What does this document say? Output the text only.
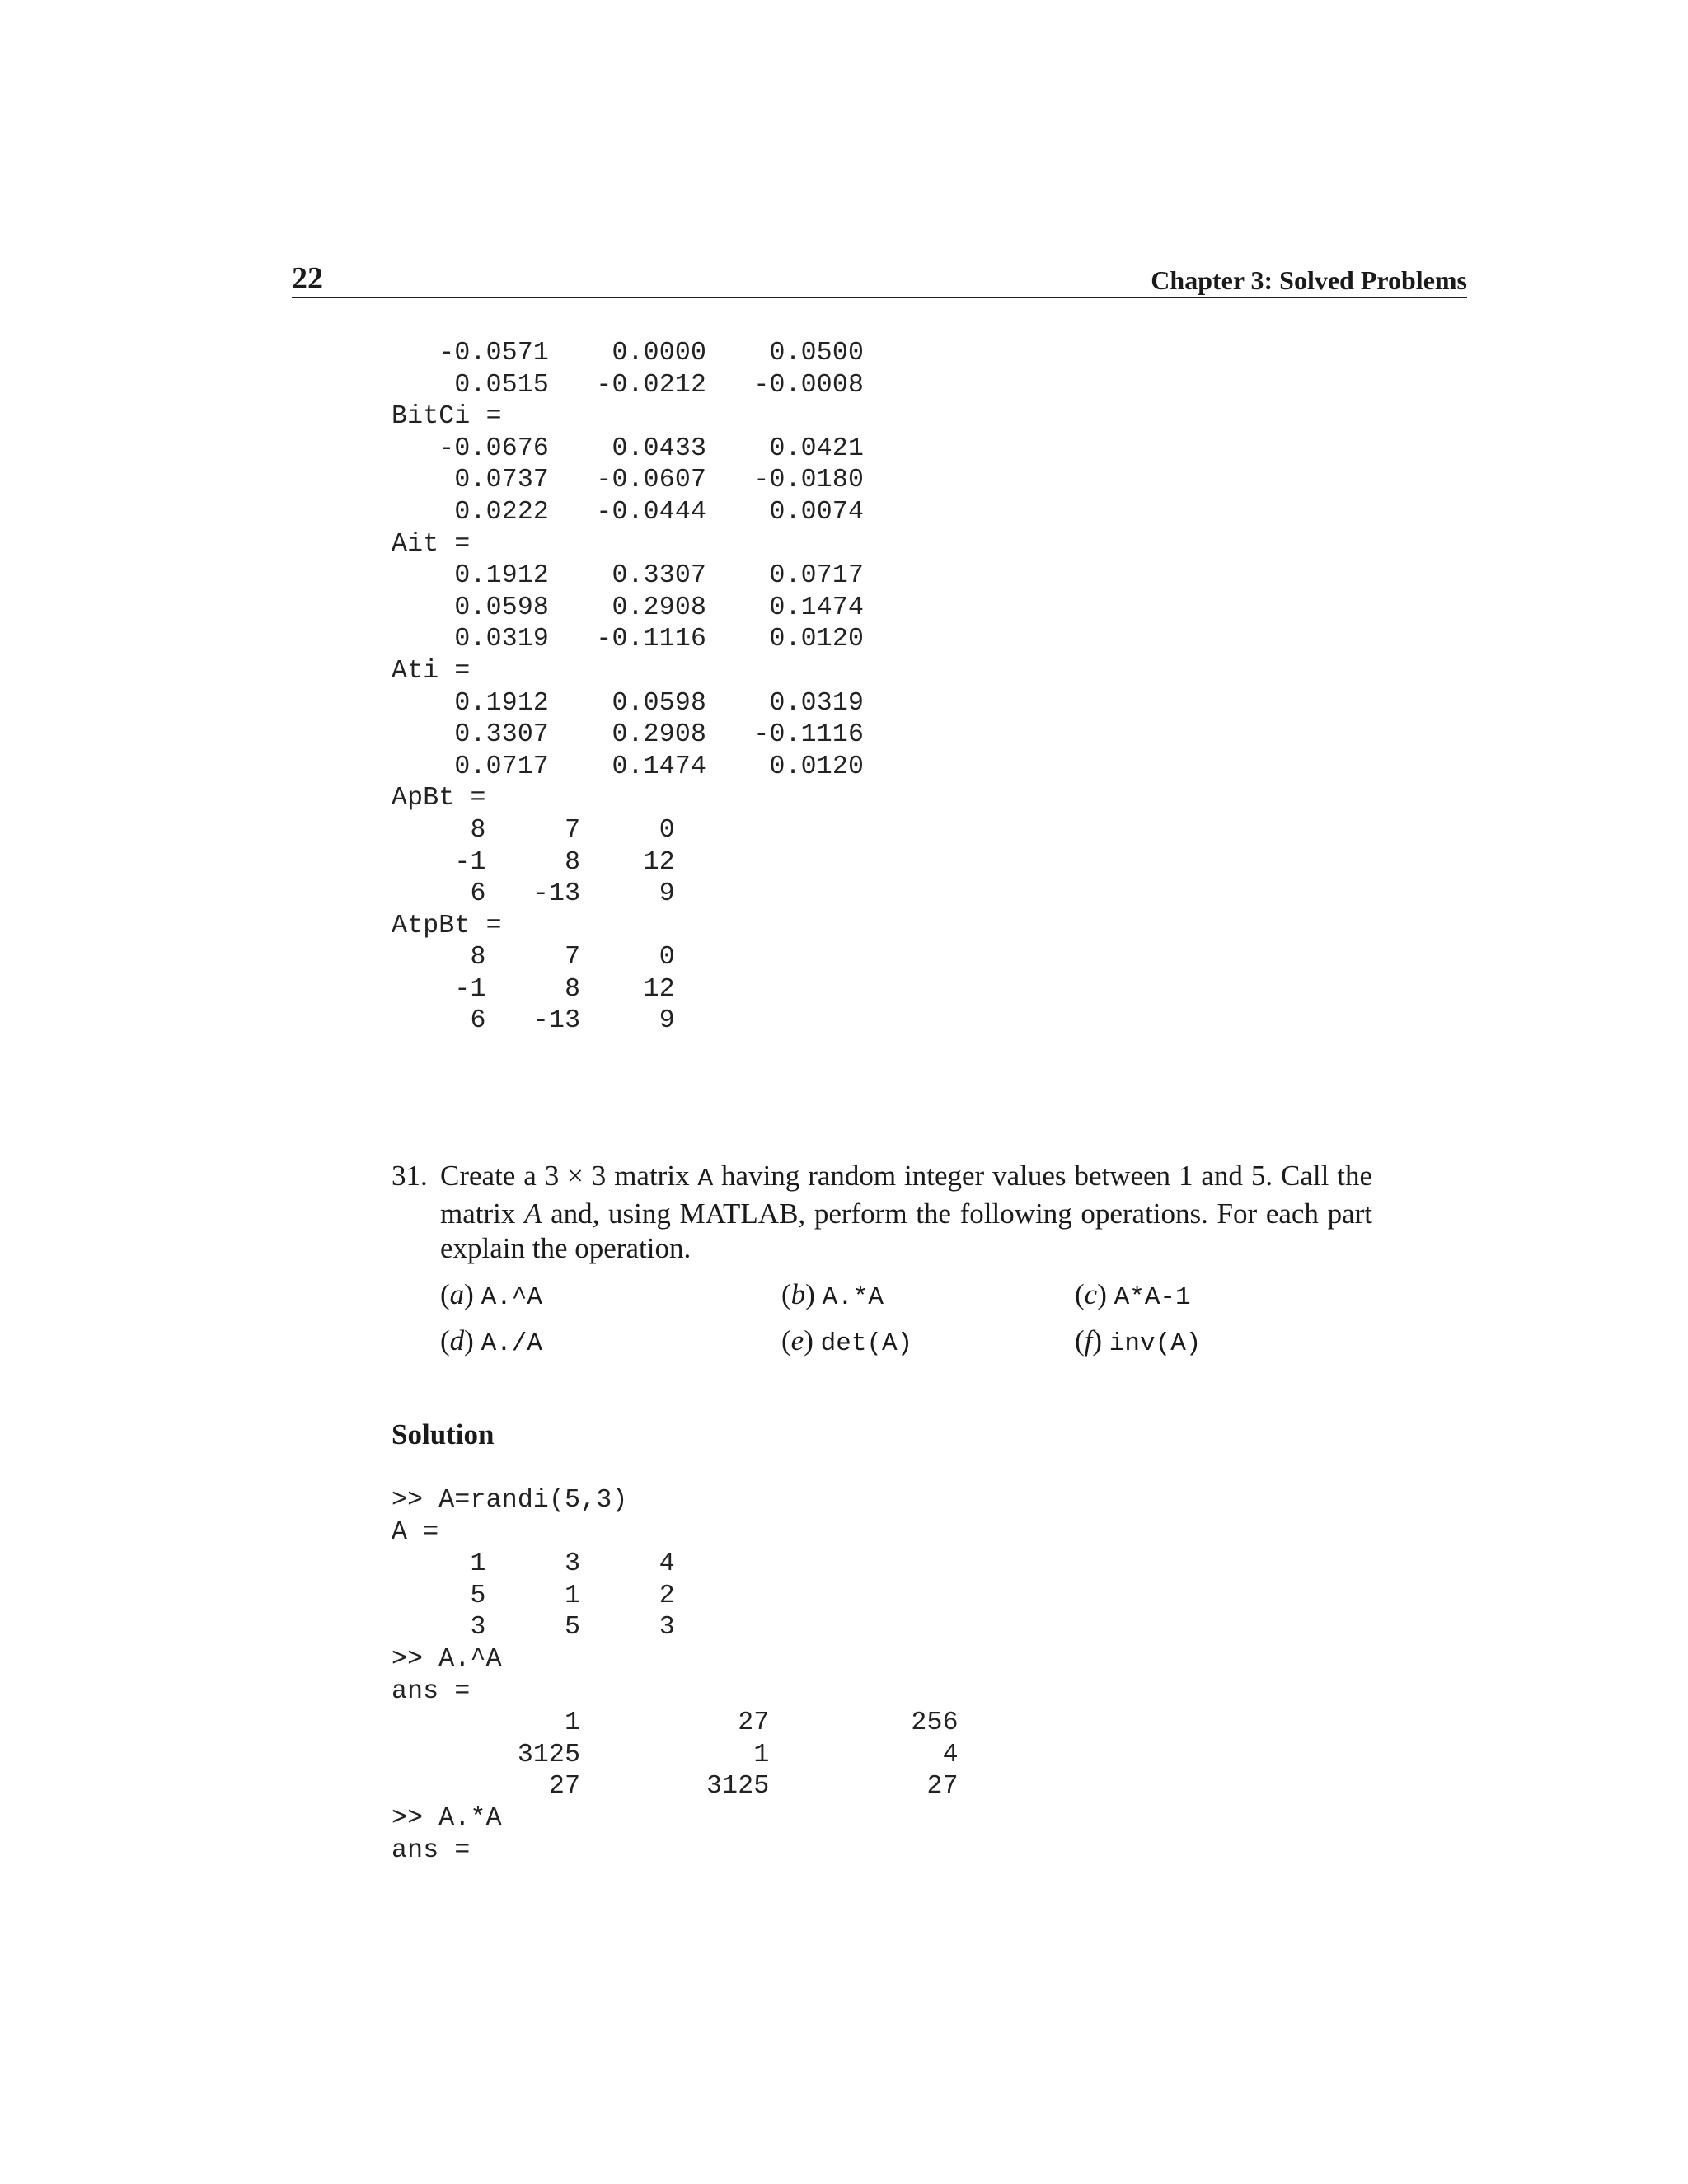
22	Chapter 3: Solved Problems
-0.0571    0.0000    0.0500
0.0515   -0.0212   -0.0008
BitCi =
-0.0676    0.0433    0.0421
0.0737   -0.0607   -0.0180
0.0222   -0.0444    0.0074
Ait =
0.1912    0.3307    0.0717
0.0598    0.2908    0.1474
0.0319   -0.1116    0.0120
Ati =
0.1912    0.0598    0.0319
0.3307    0.2908   -0.1116
0.0717    0.1474    0.0120
ApBt =
8     7     0
-1     8    12
6   -13     9
AtpBt =
8     7     0
-1     8    12
6   -13     9
31. Create a 3 × 3 matrix A having random integer values between 1 and 5. Call the matrix A and, using MATLAB, perform the following operations. For each part explain the operation.
(a) A.^A	(b) A.*A	(c) A*A-1
(d) A./A	(e) det(A)	(f) inv(A)
Solution
>> A=randi(5,3)
A =
1     3     4
5     1     2
3     5     3
>> A.^A
ans =
1          27         256
3125           1           4
27        3125          27
>> A.*A
ans =
